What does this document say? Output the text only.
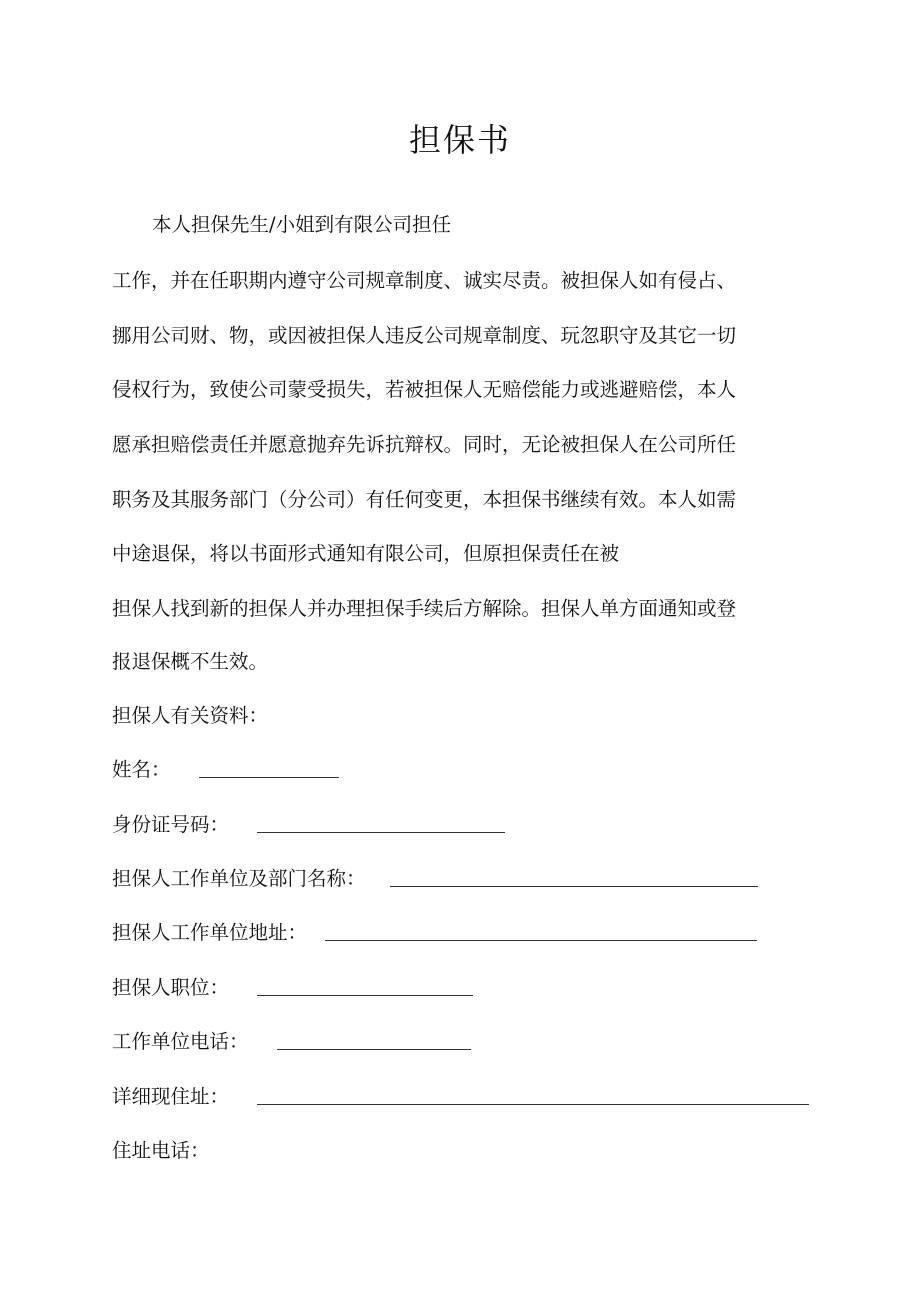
担保书
本人担保先生/小姐到有限公司担任
工作，并在任职期内遵守公司规章制度、诚实尽责。被担保人如有侵占、
挪用公司财、物，或因被担保人违反公司规章制度、玩忽职守及其它一切
侵权行为，致使公司蒙受损失，若被担保人无赔偿能力或逃避赔偿，本人
愿承担赔偿责任并愿意抛弃先诉抗辩权。同时，无论被担保人在公司所任
职务及其服务部门（分公司）有任何变更，本担保书继续有效。本人如需
中途退保，将以书面形式通知有限公司，但原担保责任在被
担保人找到新的担保人并办理担保手续后方解除。担保人单方面通知或登
报退保概不生效。
担保人有关资料：
姓名：
身份证号码：
担保人工作单位及部门名称：
担保人工作单位地址：
担保人职位：
工作单位电话：
详细现住址：
住址电话：
